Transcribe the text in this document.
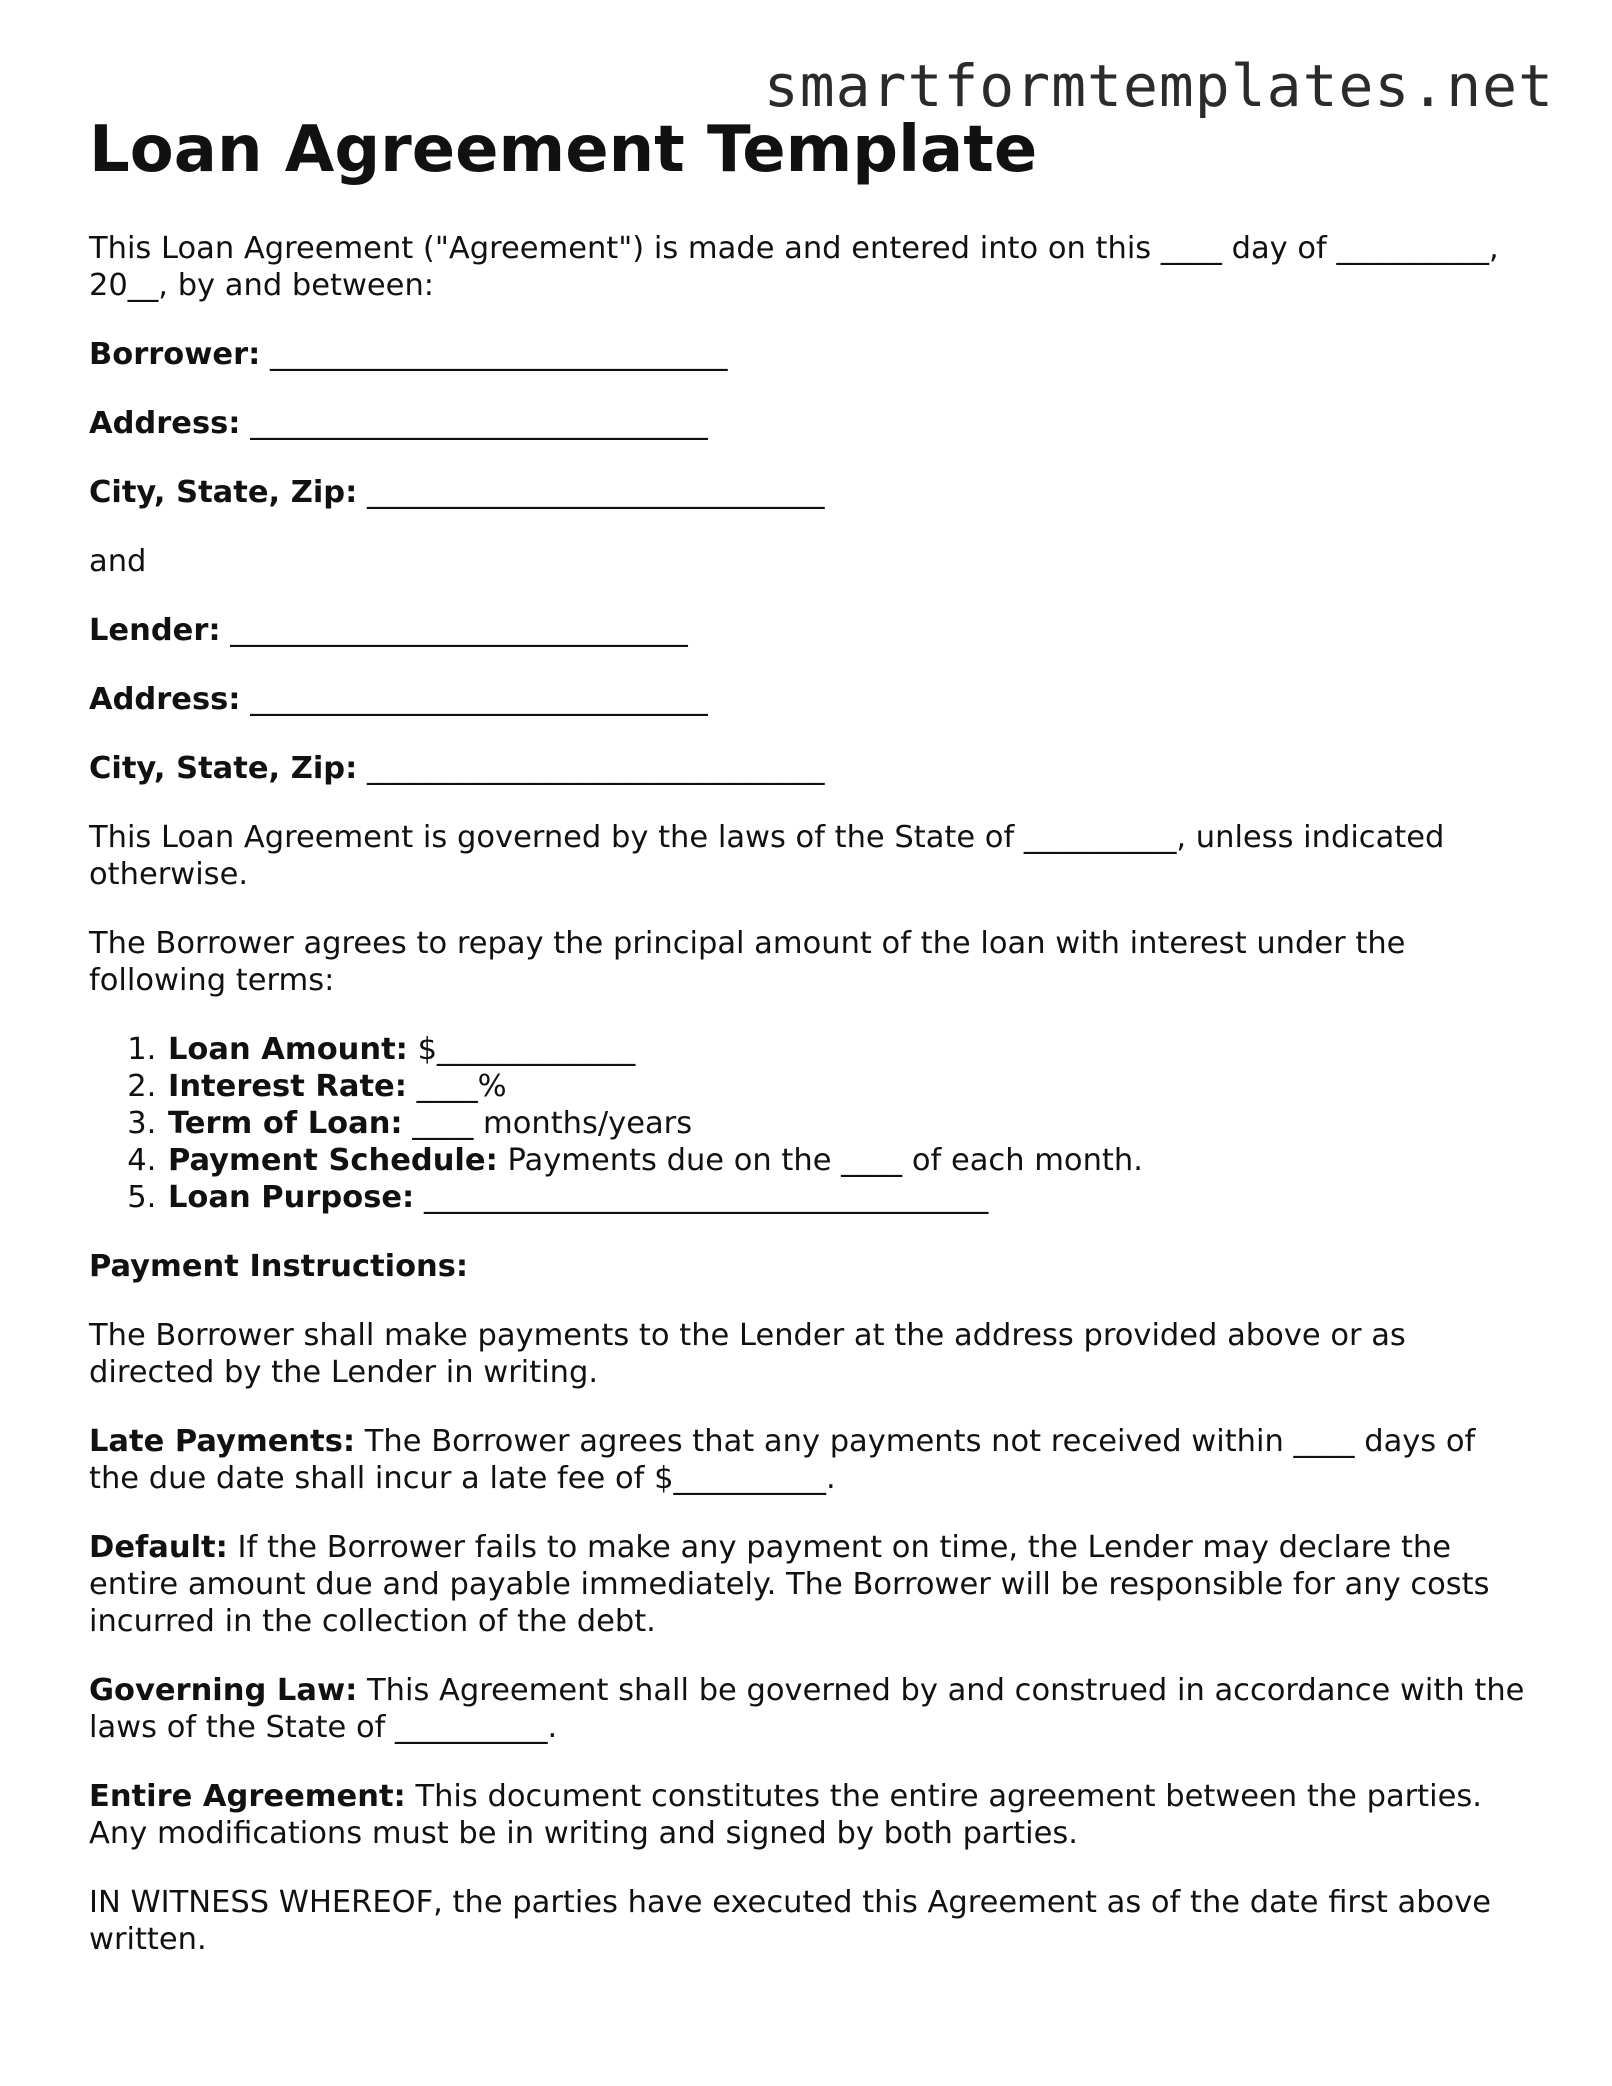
smartformtemplates.net
Loan Agreement Template

This Loan Agreement ("Agreement") is made and entered into on this ____ day of __________, 20__, by and between:

Borrower: ______________________________

Address: ______________________________

City, State, Zip: ______________________________

and

Lender: ______________________________

Address: ______________________________

City, State, Zip: ______________________________

This Loan Agreement is governed by the laws of the State of __________, unless indicated otherwise.

The Borrower agrees to repay the principal amount of the loan with interest under the following terms:

1. Loan Amount: $_____________
2. Interest Rate: ____%
3. Term of Loan: ____ months/years
4. Payment Schedule: Payments due on the ____ of each month.
5. Loan Purpose: _____________________________________

Payment Instructions:

The Borrower shall make payments to the Lender at the address provided above or as directed by the Lender in writing.

Late Payments: The Borrower agrees that any payments not received within ____ days of the due date shall incur a late fee of $__________.

Default: If the Borrower fails to make any payment on time, the Lender may declare the entire amount due and payable immediately. The Borrower will be responsible for any costs incurred in the collection of the debt.

Governing Law: This Agreement shall be governed by and construed in accordance with the laws of the State of __________.

Entire Agreement: This document constitutes the entire agreement between the parties. Any modifications must be in writing and signed by both parties.

IN WITNESS WHEREOF, the parties have executed this Agreement as of the date first above written.
